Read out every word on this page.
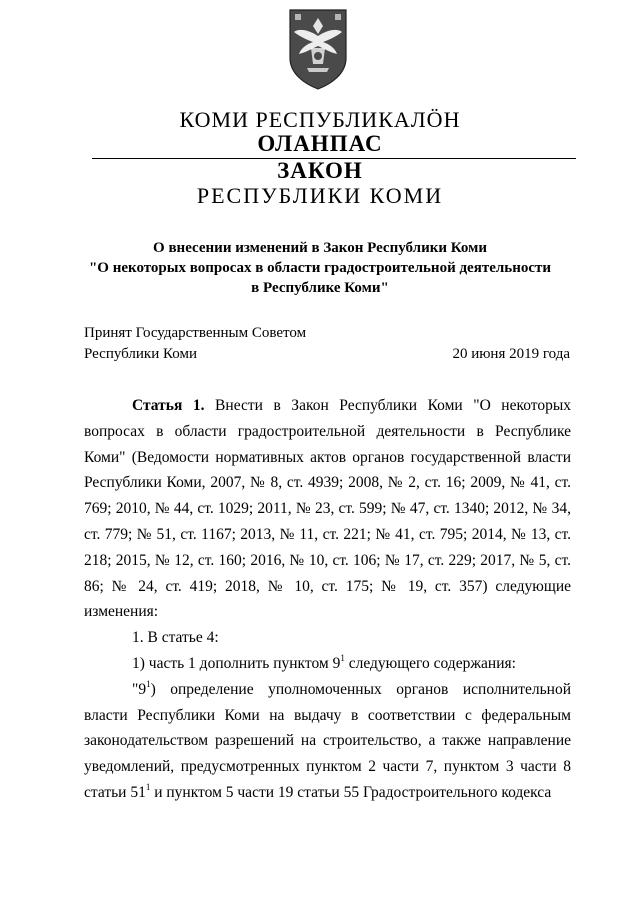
КОМИ РЕСПУБЛИКАЛÖН
ОЛАНПАС
ЗАКОН
РЕСПУБЛИКИ КОМИ
О внесении изменений в Закон Республики Коми
"О некоторых вопросах в области градостроительной деятельности
в Республике Коми"
Принят Государственным Советом
Республики Коми	20 июня 2019 года

Статья 1. Внести в Закон Республики Коми "О некоторых вопросах в области градостроительной деятельности в Республике Коми" (Ведомости нормативных актов органов государственной власти Республики Коми, 2007, № 8, ст. 4939; 2008, № 2, ст. 16; 2009, № 41, ст. 769; 2010, № 44, ст. 1029; 2011, № 23, ст. 599; № 47, ст. 1340; 2012, № 34, ст. 779; № 51, ст. 1167; 2013, № 11, ст. 221; № 41, ст. 795; 2014, № 13, ст. 218; 2015, № 12, ст. 160; 2016, № 10, ст. 106; № 17, ст. 229; 2017, № 5, ст. 86; № 24, ст. 419; 2018, № 10, ст. 175; № 19, ст. 357) следующие изменения:

1. В статье 4:

1) часть 1 дополнить пунктом $9^1$ следующего содержания:

"$9^1$) определение уполномоченных органов исполнительной власти Республики Коми на выдачу в соответствии с федеральным законодательством разрешений на строительство, а также направление уведомлений, предусмотренных пунктом 2 части 7, пунктом 3 части 8 статьи $51^1$ и пунктом 5 части 19 статьи 55 Градостроительного кодекса
